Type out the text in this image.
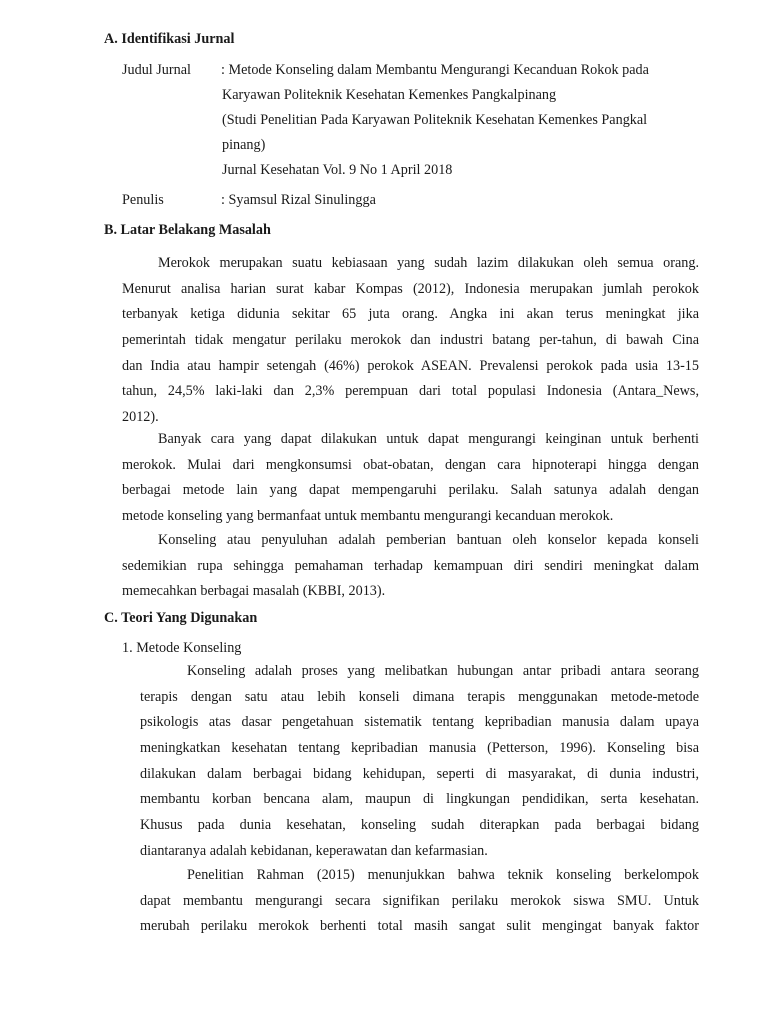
A. Identifikasi Jurnal
Judul Jurnal : Metode Konseling dalam Membantu Mengurangi Kecanduan Rokok pada
Karyawan Politeknik Kesehatan Kemenkes Pangkalpinang
(Studi Penelitian Pada Karyawan Politeknik Kesehatan Kemenkes Pangkal
pinang)
Jurnal Kesehatan Vol. 9 No 1 April 2018
Penulis	: Syamsul Rizal Sinulingga
B. Latar Belakang Masalah
Merokok merupakan suatu kebiasaan yang sudah lazim dilakukan oleh semua orang.
Menurut analisa harian surat kabar Kompas (2012), Indonesia merupakan jumlah perokok
terbanyak ketiga didunia sekitar 65 juta orang. Angka ini akan terus meningkat jika
pemerintah tidak mengatur perilaku merokok dan industri batang per-tahun, di bawah Cina
dan India atau hampir setengah (46%) perokok ASEAN. Prevalensi perokok pada usia 13-15
tahun, 24,5% laki-laki dan 2,3% perempuan dari total populasi Indonesia (Antara_News,
2012).
Banyak cara yang dapat dilakukan untuk dapat mengurangi keinginan untuk berhenti
merokok. Mulai dari mengkonsumsi obat-obatan, dengan cara hipnoterapi hingga dengan
berbagai metode lain yang dapat mempengaruhi perilaku. Salah satunya adalah dengan
metode konseling yang bermanfaat untuk membantu mengurangi kecanduan merokok.
Konseling atau penyuluhan adalah pemberian bantuan oleh konselor kepada konseli
sedemikian rupa sehingga pemahaman terhadap kemampuan diri sendiri meningkat dalam
memecahkan berbagai masalah (KBBI, 2013).
C. Teori Yang Digunakan
1. Metode Konseling
Konseling adalah proses yang melibatkan hubungan antar pribadi antara seorang
terapis dengan satu atau lebih konseli dimana terapis menggunakan metode-metode
psikologis atas dasar pengetahuan sistematik tentang kepribadian manusia dalam upaya
meningkatkan kesehatan tentang kepribadian manusia (Petterson, 1996). Konseling bisa
dilakukan dalam berbagai bidang kehidupan, seperti di masyarakat, di dunia industri,
membantu korban bencana alam, maupun di lingkungan pendidikan, serta kesehatan.
Khusus pada dunia kesehatan, konseling sudah diterapkan pada berbagai bidang
diantaranya adalah kebidanan, keperawatan dan kefarmasian.
Penelitian Rahman (2015) menunjukkan bahwa teknik konseling berkelompok
dapat membantu mengurangi secara signifikan perilaku merokok siswa SMU. Untuk
merubah perilaku merokok berhenti total masih sangat sulit mengingat banyak faktor
